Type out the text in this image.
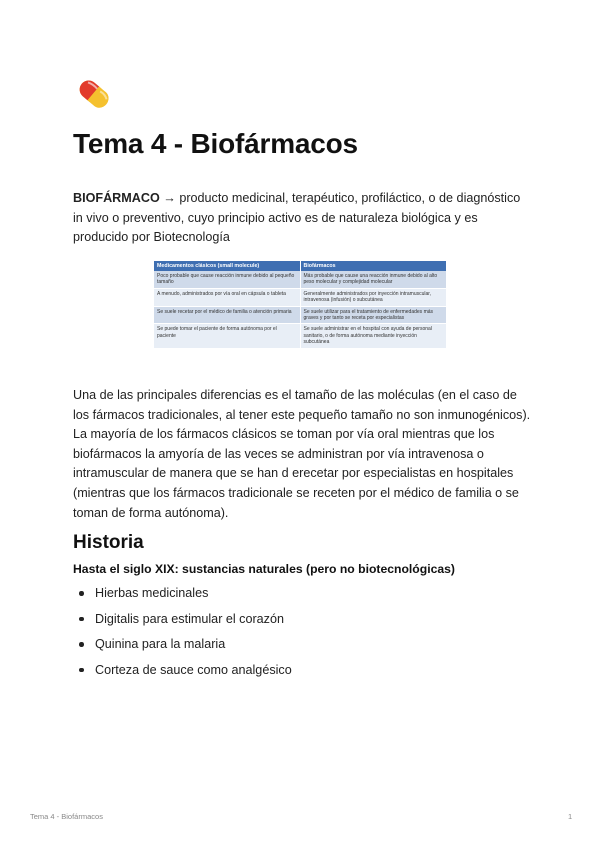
Tema 4 - Biofármacos

BIOFÁRMACO → producto medicinal, terapéutico, profiláctico, o de diagnóstico in vivo o preventivo, cuyo principio activo es de naturaleza biológica y es producido por Biotecnología

Medicamentos clásicos (small molecule)	Biofármacos
Poco probable que cause reacción inmune debido al pequeño tamaño	Más probable que cause una reacción inmune debido al alto peso molecular y complejidad molecular
A menudo, administrados por vía oral en cápsula o tableta	Generalmente administrados por inyección intramuscular, intravenosa (infusión) o subcutánea
Se suele recetar por el médico de familia o atención primaria	Se suele utilizar para el tratamiento de enfermedades más graves y por tanto se receta por especialistas
Se puede tomar el paciente de forma autónoma por el paciente	Se suele administrar en el hospital con ayuda de personal sanitario, o de forma autónoma mediante inyección subcutánea

Una de las principales diferencias es el tamaño de las moléculas (en el caso de los fármacos tradicionales, al tener este pequeño tamaño no son inmunogénicos). La mayoría de los fármacos clásicos se toman por vía oral mientras que los biofármacos la amyoría de las veces se administran por vía intravenosa o intramuscular de manera que se han d erecetar por especialistas en hospitales (mientras que los fármacos tradicionale se receten por el médico de familia o se toman de forma autónoma).

Historia
Hasta el siglo XIX: sustancias naturales (pero no biotecnológicas)
Hierbas medicinales
Digitalis para estimular el corazón
Quinina para la malaria
Corteza de sauce como analgésico
Tema 4 - Biofármacos	1
